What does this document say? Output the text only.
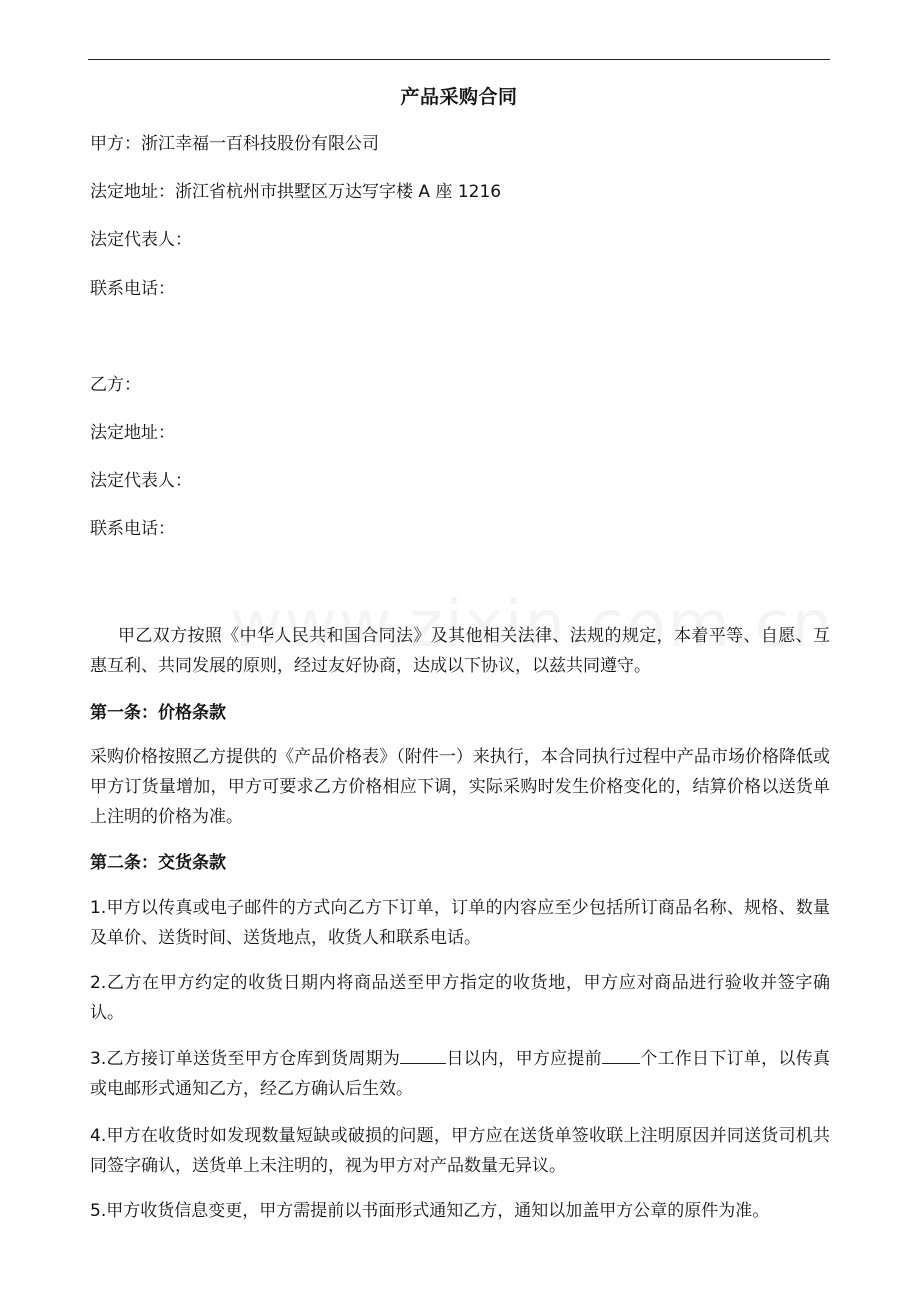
产品采购合同
甲方：浙江幸福一百科技股份有限公司
法定地址：浙江省杭州市拱墅区万达写字楼 A 座 1216
法定代表人：
联系电话：
乙方：
法定地址：
法定代表人：
联系电话：
甲乙双方按照《中华人民共和国合同法》及其他相关法律、法规的规定，本着平等、自愿、互惠互利、共同发展的原则，经过友好协商，达成以下协议，以兹共同遵守。
第一条：价格条款
采购价格按照乙方提供的《产品价格表》（附件一）来执行，本合同执行过程中产品市场价格降低或甲方订货量增加，甲方可要求乙方价格相应下调，实际采购时发生价格变化的，结算价格以送货单上注明的价格为准。
第二条：交货条款
1.甲方以传真或电子邮件的方式向乙方下订单，订单的内容应至少包括所订商品名称、规格、数量及单价、送货时间、送货地点，收货人和联系电话。
2.乙方在甲方约定的收货日期内将商品送至甲方指定的收货地，甲方应对商品进行验收并签字确认。
3.乙方接订单送货至甲方仓库到货周期为	日以内，甲方应提前 个工作日下订单，以传真或电邮形式通知乙方，经乙方确认后生效。
4.甲方在收货时如发现数量短缺或破损的问题，甲方应在送货单签收联上注明原因并同送货司机共同签字确认，送货单上未注明的，视为甲方对产品数量无异议。
5.甲方收货信息变更，甲方需提前以书面形式通知乙方，通知以加盖甲方公章的原件为准。
